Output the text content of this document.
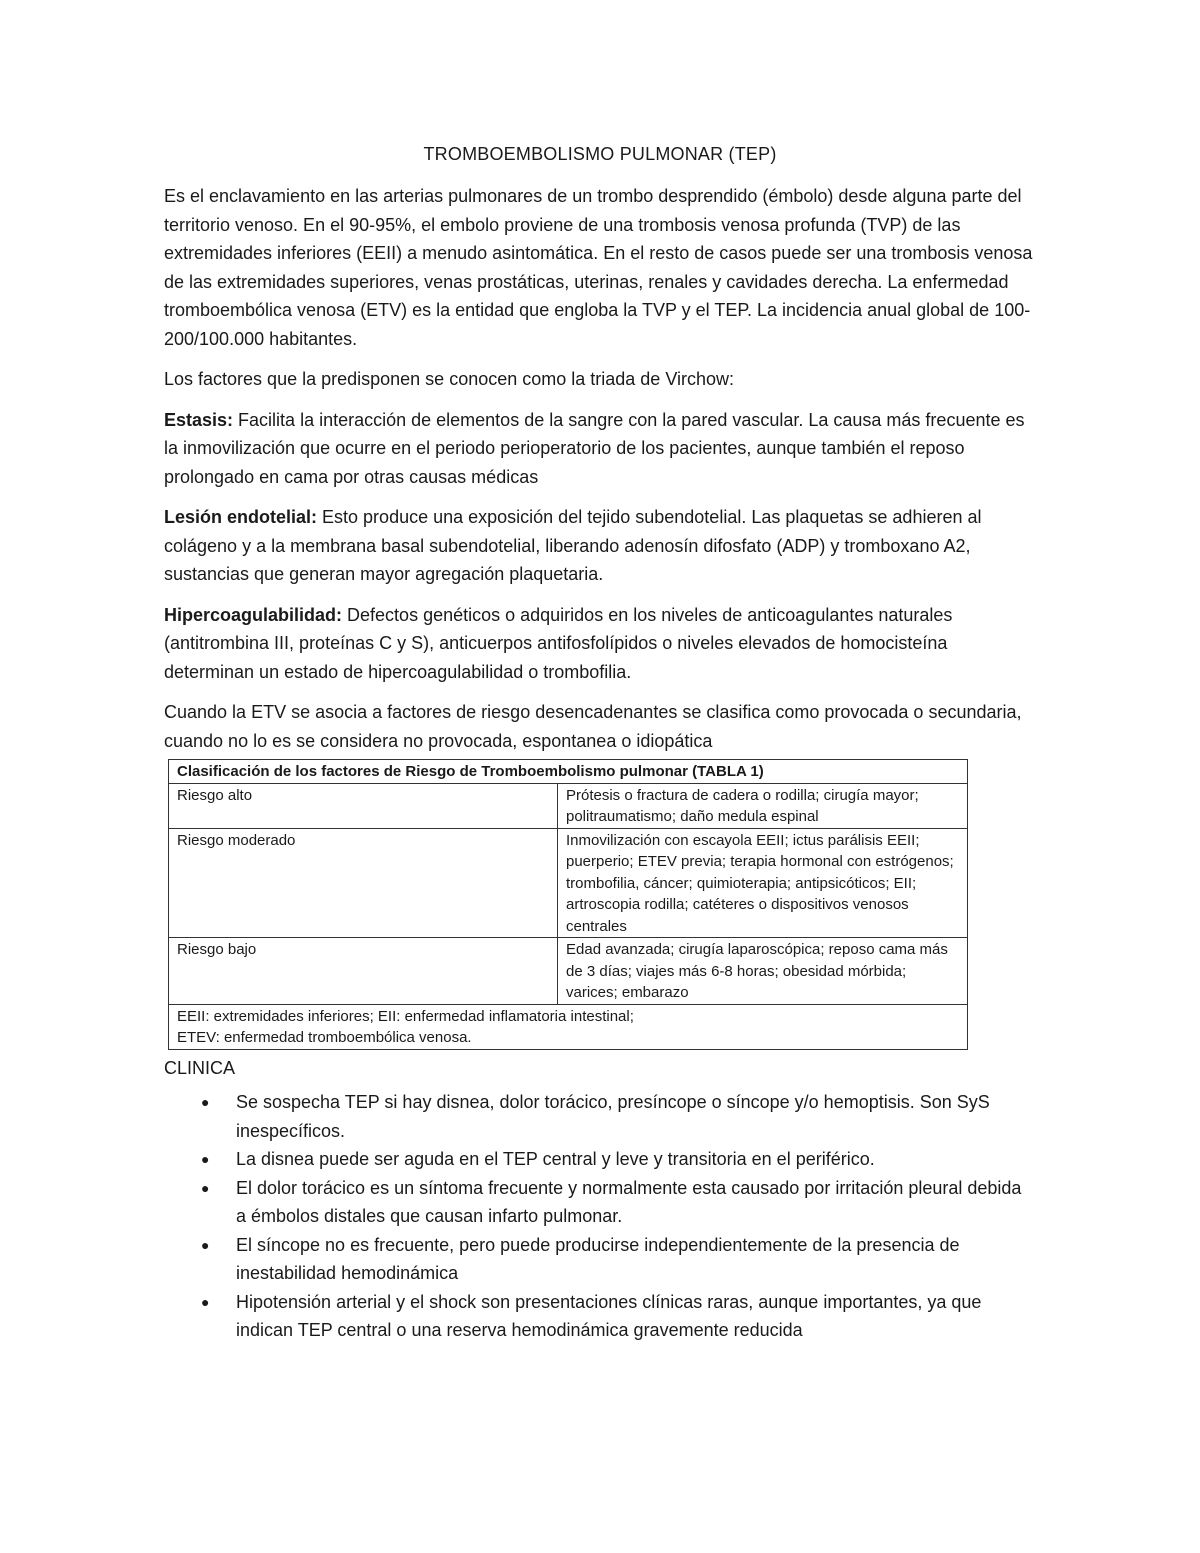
TROMBOEMBOLISMO PULMONAR (TEP)

Es el enclavamiento en las arterias pulmonares de un trombo desprendido (émbolo) desde alguna parte del territorio venoso. En el 90-95%, el embolo proviene de una trombosis venosa profunda (TVP) de las extremidades inferiores (EEII) a menudo asintomática. En el resto de casos puede ser una trombosis venosa de las extremidades superiores, venas prostáticas, uterinas, renales y cavidades derecha. La enfermedad tromboembólica venosa (ETV) es la entidad que engloba la TVP y el TEP. La incidencia anual global de 100-200/100.000 habitantes.

Los factores que la predisponen se conocen como la triada de Virchow:

Estasis: Facilita la interacción de elementos de la sangre con la pared vascular. La causa más frecuente es la inmovilización que ocurre en el periodo perioperatorio de los pacientes, aunque también el reposo prolongado en cama por otras causas médicas

Lesión endotelial: Esto produce una exposición del tejido subendotelial. Las plaquetas se adhieren al colágeno y a la membrana basal subendotelial, liberando adenosín difosfato (ADP) y tromboxano A2, sustancias que generan mayor agregación plaquetaria.

Hipercoagulabilidad: Defectos genéticos o adquiridos en los niveles de anticoagulantes naturales (antitrombina III, proteínas C y S), anticuerpos antifosfolípidos o niveles elevados de homocisteína determinan un estado de hipercoagulabilidad o trombofilia.

Cuando la ETV se asocia a factores de riesgo desencadenantes se clasifica como provocada o secundaria, cuando no lo es se considera no provocada, espontanea o idiopática

Clasificación de los factores de Riesgo de Tromboembolismo pulmonar (TABLA 1)	
Riesgo alto	Prótesis o fractura de cadera o rodilla; cirugía mayor; politraumatismo; daño medula espinal
Riesgo moderado	Inmovilización con escayola EEII; ictus parálisis EEII; puerperio; ETEV previa; terapia hormonal con estrógenos; trombofilia, cáncer; quimioterapia; antipsicóticos; EII; artroscopia rodilla; catéteres o dispositivos venosos centrales
Riesgo bajo	Edad avanzada; cirugía laparoscópica; reposo cama más de 3 días; viajes más 6-8 horas; obesidad mórbida;
varices; embarazo
EEII: extremidades inferiores; EII: enfermedad inflamatoria intestinal;
ETEV: enfermedad tromboembólica venosa.	
CLINICA
● Se sospecha TEP si hay disnea, dolor torácico, presíncope o síncope y/o hemoptisis. Son SyS inespecíficos.
● La disnea puede ser aguda en el TEP central y leve y transitoria en el periférico.
● El dolor torácico es un síntoma frecuente y normalmente esta causado por irritación pleural debida a émbolos distales que causan infarto pulmonar.
● El síncope no es frecuente, pero puede producirse independientemente de la presencia de inestabilidad hemodinámica
● Hipotensión arterial y el shock son presentaciones clínicas raras, aunque importantes, ya que indican TEP central o una reserva hemodinámica gravemente reducida
